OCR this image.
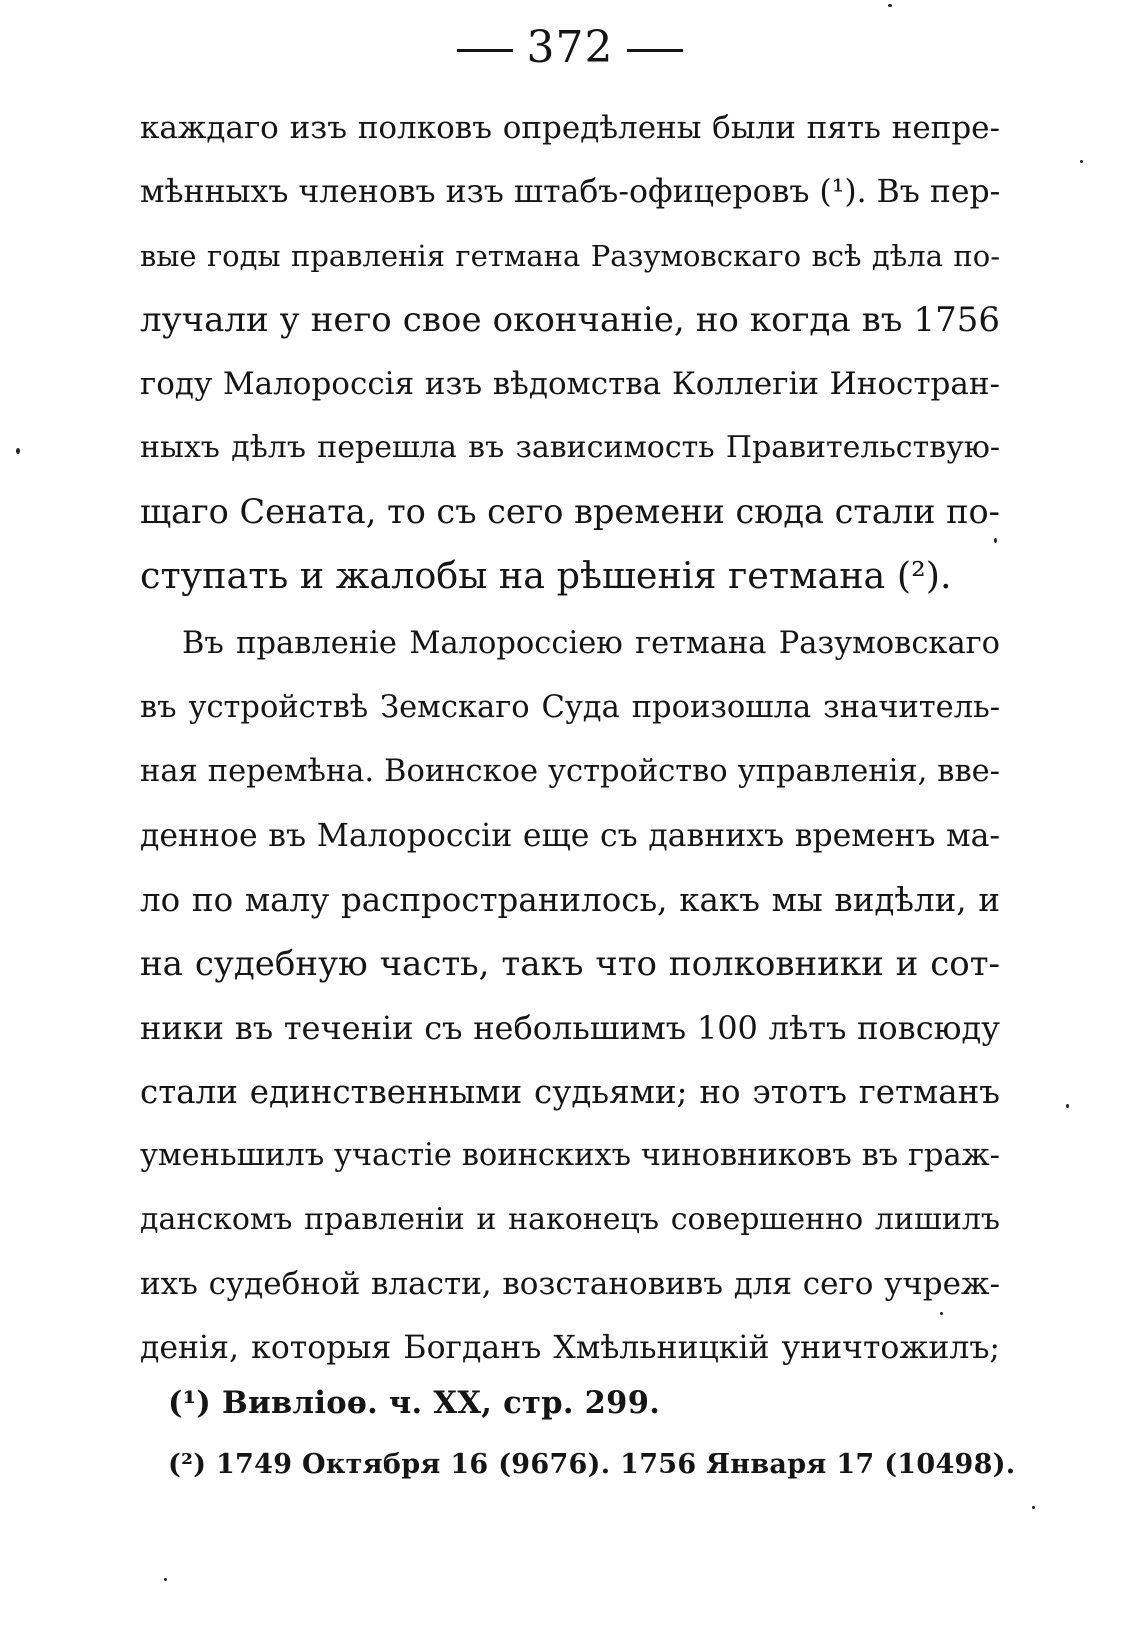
372
каждаго изъ полковъ опредѣлены были пять непре-
мѣнныхъ членовъ изъ штабъ-офицеровъ (¹). Въ пер-
вые годы правленія гетмана Разумовскаго всѣ дѣла по-
лучали у него свое окончаніе, но когда въ 1756
году Малороссія изъ вѣдомства Коллегіи Иностран-
ныхъ дѣлъ перешла въ зависимость Правительствую-
щаго Сената, то съ сего времени сюда стали по-
ступать и жалобы на рѣшенія гетмана (²).
Въ правленіе Малороссіею гетмана Разумовскаго
въ устройствѣ Земскаго Суда произошла значитель-
ная перемѣна. Воинское устройство управленія, вве-
денное въ Малороссіи еще съ давнихъ временъ ма-
ло по малу распространилось, какъ мы видѣли, и
на судебную часть, такъ что полковники и сот-
ники въ теченіи съ небольшимъ 100 лѣтъ повсюду
стали единственными судьями; но этотъ гетманъ
уменьшилъ участіе воинскихъ чиновниковъ въ граж-
данскомъ правленіи и наконецъ совершенно лишилъ
ихъ судебной власти, возстановивъ для сего учреж-
денія, которыя Богданъ Хмѣльницкій уничтожилъ;
(¹) Вивліоѳ. ч. XX, стр. 299.
(²) 1749 Октября 16 (9676). 1756 Января 17 (10498).
